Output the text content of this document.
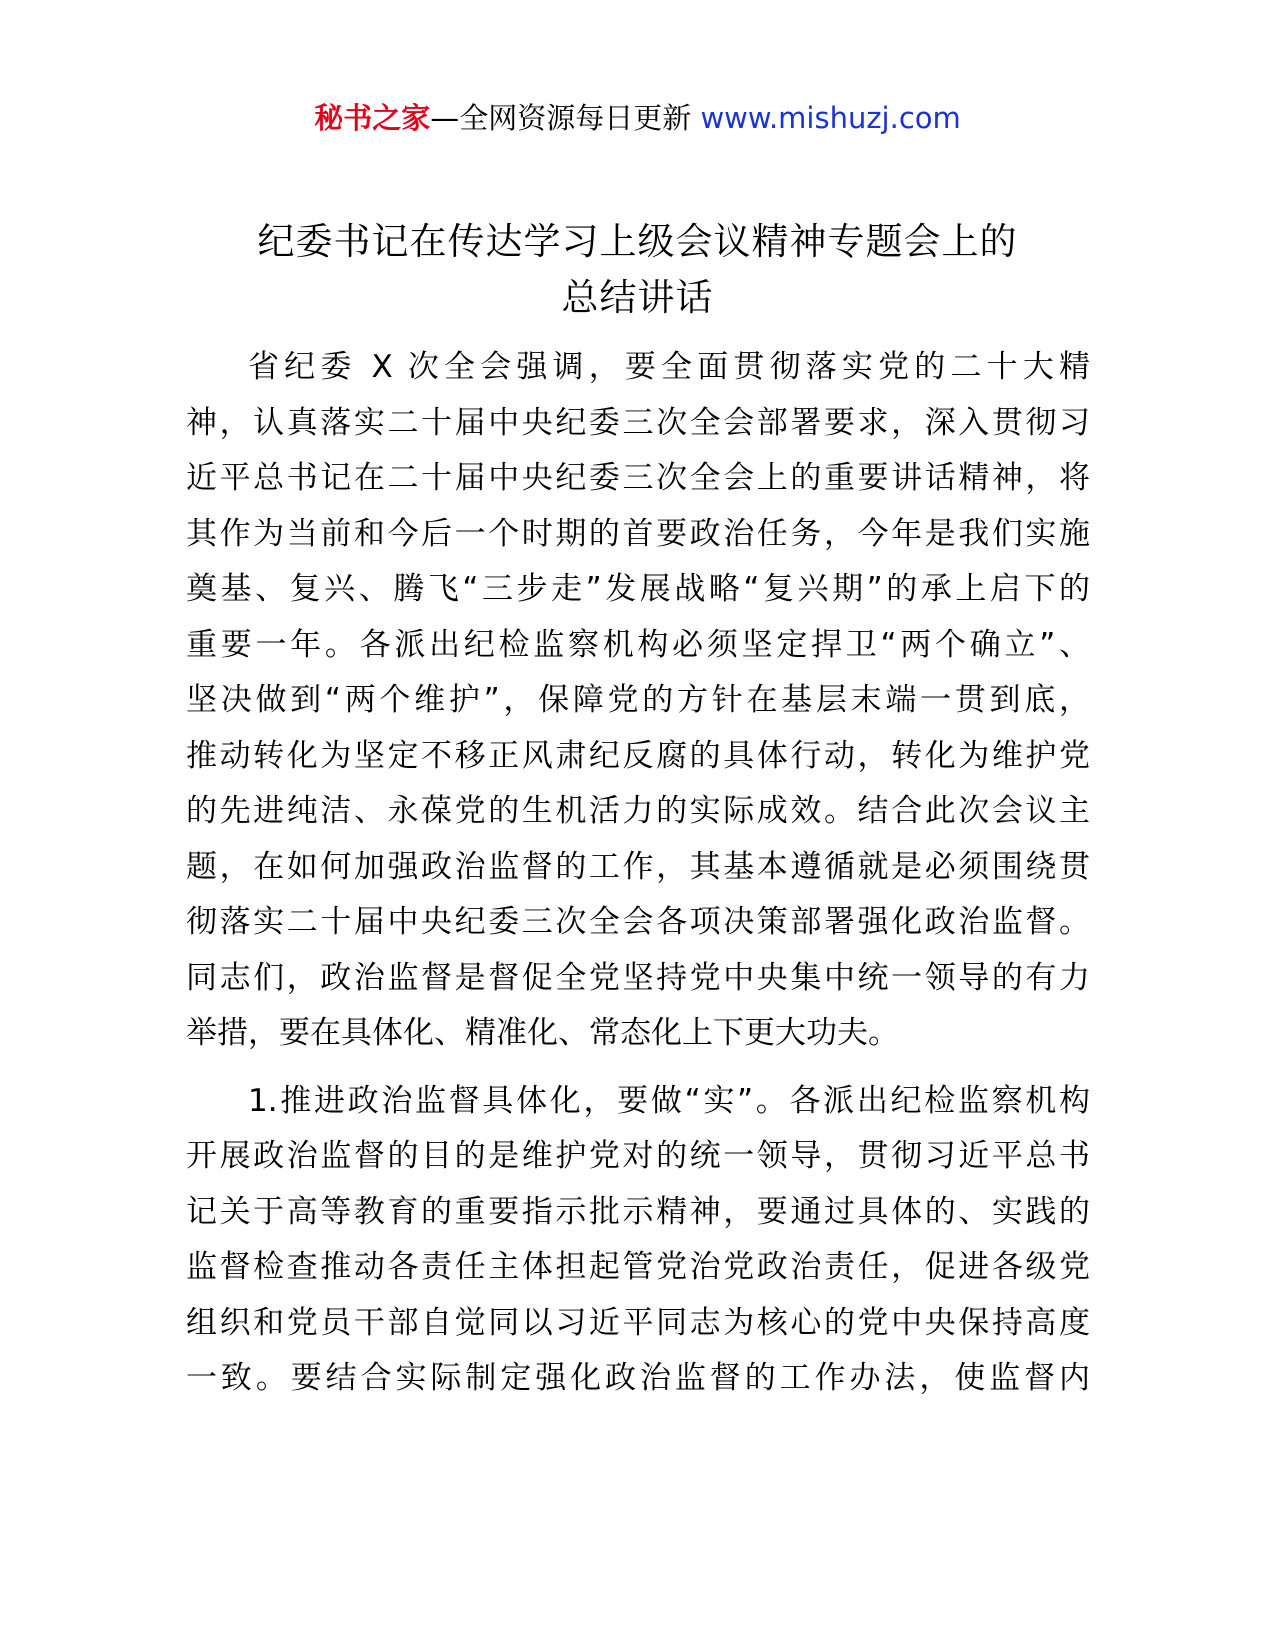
秘书之家—全网资源每日更新 www.mishuzj.com
纪委书记在传达学习上级会议精神专题会上的
总结讲话
省纪委 X 次全会强调，要全面贯彻落实党的二十大精
神，认真落实二十届中央纪委三次全会部署要求，深入贯彻习
近平总书记在二十届中央纪委三次全会上的重要讲话精神，将
其作为当前和今后一个时期的首要政治任务，今年是我们实施
奠基、复兴、腾飞“三步走”发展战略“复兴期”的承上启下的
重要一年。各派出纪检监察机构必须坚定捍卫“两个确立”、
坚决做到“两个维护”，保障党的方针在基层末端一贯到底，
推动转化为坚定不移正风肃纪反腐的具体行动，转化为维护党
的先进纯洁、永葆党的生机活力的实际成效。结合此次会议主
题，在如何加强政治监督的工作，其基本遵循就是必须围绕贯
彻落实二十届中央纪委三次全会各项决策部署强化政治监督。
同志们，政治监督是督促全党坚持党中央集中统一领导的有力
举措，要在具体化、精准化、常态化上下更大功夫。
1.推进政治监督具体化，要做“实”。各派出纪检监察机构
开展政治监督的目的是维护党对的统一领导，贯彻习近平总书
记关于高等教育的重要指示批示精神，要通过具体的、实践的
监督检查推动各责任主体担起管党治党政治责任，促进各级党
组织和党员干部自觉同以习近平同志为核心的党中央保持高度
一致。要结合实际制定强化政治监督的工作办法，使监督内
